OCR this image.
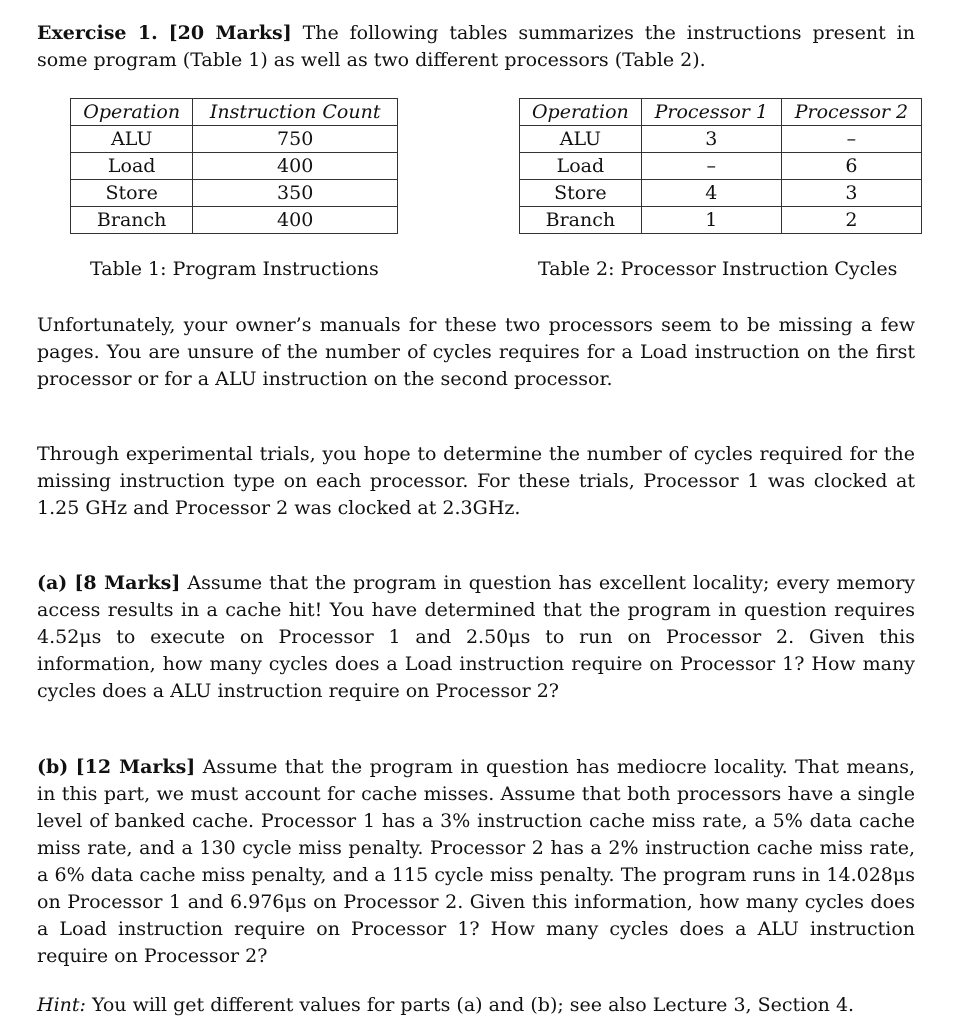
Exercise 1. [20 Marks] The following tables summarizes the instructions present in some program (Table 1) as well as two different processors (Table 2).
Operation	Instruction Count
ALU	750
Load	400
Store	350
Branch	400
Table 1: Program Instructions
Operation	Processor 1	Processor 2
ALU	3	–
Load	–	6
Store	4	3
Branch	1	2
Table 2: Processor Instruction Cycles
Unfortunately, your owner’s manuals for these two processors seem to be missing a few pages. You are unsure of the number of cycles requires for a Load instruction on the first processor or for a ALU instruction on the second processor.
Through experimental trials, you hope to determine the number of cycles required for the missing instruction type on each processor. For these trials, Processor 1 was clocked at 1.25 GHz and Processor 2 was clocked at 2.3GHz.
(a) [8 Marks] Assume that the program in question has excellent locality; every memory access results in a cache hit! You have determined that the program in question requires 4.52μs to execute on Processor 1 and 2.50μs to run on Processor 2. Given this information, how many cycles does a Load instruction require on Processor 1? How many cycles does a ALU instruction require on Processor 2?
(b) [12 Marks] Assume that the program in question has mediocre locality. That means, in this part, we must account for cache misses. Assume that both processors have a single level of banked cache. Processor 1 has a 3% instruction cache miss rate, a 5% data cache miss rate, and a 130 cycle miss penalty. Processor 2 has a 2% instruction cache miss rate, a 6% data cache miss penalty, and a 115 cycle miss penalty. The program runs in 14.028μs on Processor 1 and 6.976μs on Processor 2. Given this information, how many cycles does a Load instruction require on Processor 1? How many cycles does a ALU instruction require on Processor 2?
Hint: You will get different values for parts (a) and (b); see also Lecture 3, Section 4.
